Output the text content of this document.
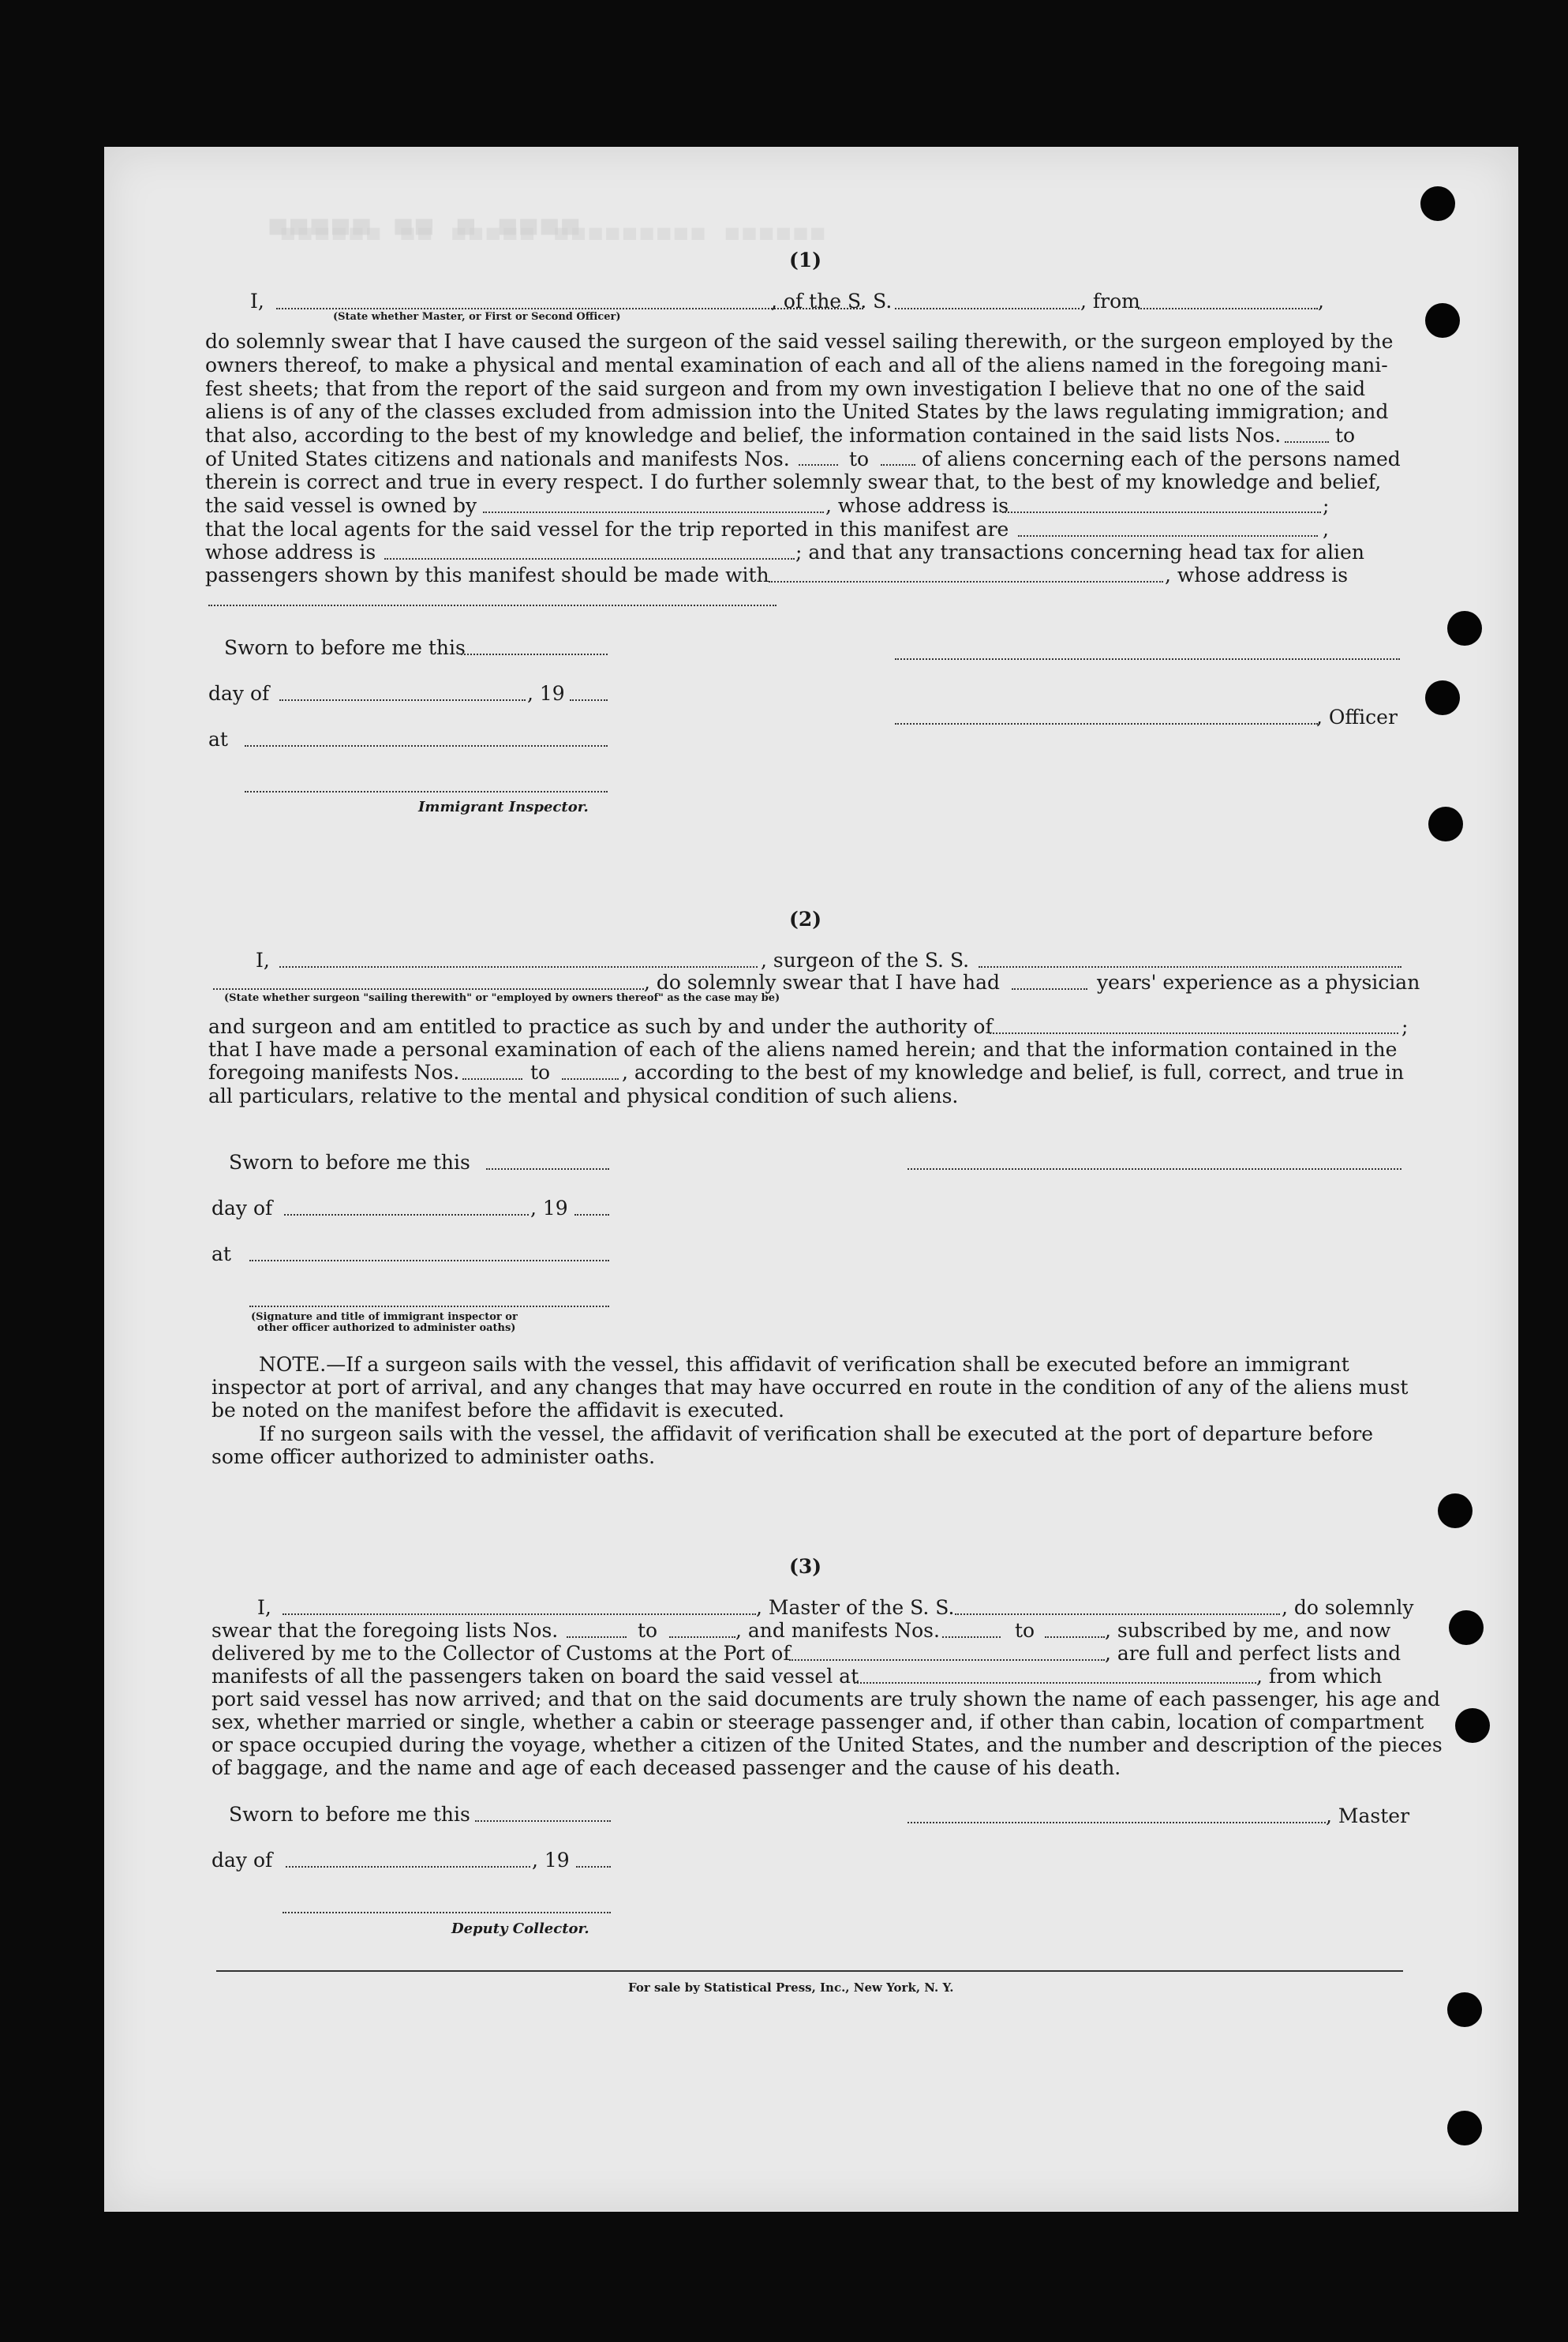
▄▄▄▄▄ ▄▄ ▄ ▄▄▄▄
▀▀▀▀▀▀ ▀▀ ▀▀▀▀▀ ▀▀▀▀▀▀▀▀▀ ▀▀▀▀▀▀
(1)
I,	, of the S. S.	, from	,
(State whether Master, or First or Second Officer)
do solemnly swear that I have caused the surgeon of the said vessel sailing therewith, or the surgeon employed by the
owners thereof, to make a physical and mental examination of each and all of the aliens named in the foregoing mani-
fest sheets; that from the report of the said surgeon and from my own investigation I believe that no one of the said
aliens is of any of the classes excluded from admission into the United States by the laws regulating immigration; and
that also, according to the best of my knowledge and belief, the information contained in the said lists Nos.	to
of United States citizens and nationals and manifests Nos.	to	of aliens concerning each of the persons named
therein is correct and true in every respect. I do further solemnly swear that, to the best of my knowledge and belief,
the said vessel is owned by	, whose address is	;
that the local agents for the said vessel for the trip reported in this manifest are	,
whose address is	; and that any transactions concerning head tax for alien
passengers shown by this manifest should be made with	, whose address is
Sworn to before me this
day of	, 19
, Officer
at
Immigrant Inspector.
(2)
I,	, surgeon of the S. S.
, do solemnly swear that I have had	years' experience as a physician
(State whether surgeon "sailing therewith" or "employed by owners thereof" as the case may be)
and surgeon and am entitled to practice as such by and under the authority of	;
that I have made a personal examination of each of the aliens named herein; and that the information contained in the
foregoing manifests Nos.	to	, according to the best of my knowledge and belief, is full, correct, and true in
all particulars, relative to the mental and physical condition of such aliens.
Sworn to before me this
day of	, 19
at
(Signature and title of immigrant inspector or
other officer authorized to administer oaths)
NOTE.—If a surgeon sails with the vessel, this affidavit of verification shall be executed before an immigrant
inspector at port of arrival, and any changes that may have occurred en route in the condition of any of the aliens must
be noted on the manifest before the affidavit is executed.
If no surgeon sails with the vessel, the affidavit of verification shall be executed at the port of departure before
some officer authorized to administer oaths.
(3)
I,	, Master of the S. S.	, do solemnly
swear that the foregoing lists Nos.	to	, and manifests Nos.	to	, subscribed by me, and now
delivered by me to the Collector of Customs at the Port of	, are full and perfect lists and
manifests of all the passengers taken on board the said vessel at	, from which
port said vessel has now arrived; and that on the said documents are truly shown the name of each passenger, his age and
sex, whether married or single, whether a cabin or steerage passenger and, if other than cabin, location of compartment
or space occupied during the voyage, whether a citizen of the United States, and the number and description of the pieces
of baggage, and the name and age of each deceased passenger and the cause of his death.
Sworn to before me this	, Master
day of	, 19
Deputy Collector.
For sale by Statistical Press, Inc., New York, N. Y.
